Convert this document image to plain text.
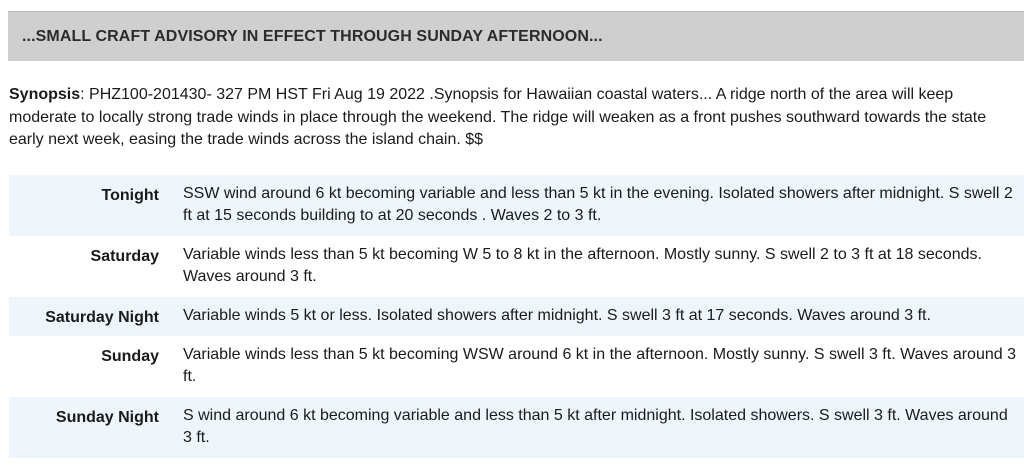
...SMALL CRAFT ADVISORY IN EFFECT THROUGH SUNDAY AFTERNOON...
Synopsis: PHZ100-201430- 327 PM HST Fri Aug 19 2022 .Synopsis for Hawaiian coastal waters... A ridge north of the area will keep moderate to locally strong trade winds in place through the weekend. The ridge will weaken as a front pushes southward towards the state early next week, easing the trade winds across the island chain. $$
Tonight SSW wind around 6 kt becoming variable and less than 5 kt in the evening. Isolated showers after midnight. S swell 2 ft at 15 seconds building to at 20 seconds . Waves 2 to 3 ft.
Saturday Variable winds less than 5 kt becoming W 5 to 8 kt in the afternoon. Mostly sunny. S swell 2 to 3 ft at 18 seconds. Waves around 3 ft.
Saturday Night Variable winds 5 kt or less. Isolated showers after midnight. S swell 3 ft at 17 seconds. Waves around 3 ft.
Sunday Variable winds less than 5 kt becoming WSW around 6 kt in the afternoon. Mostly sunny. S swell 3 ft. Waves around 3 ft.
Sunday Night S wind around 6 kt becoming variable and less than 5 kt after midnight. Isolated showers. S swell 3 ft. Waves around 3 ft.
